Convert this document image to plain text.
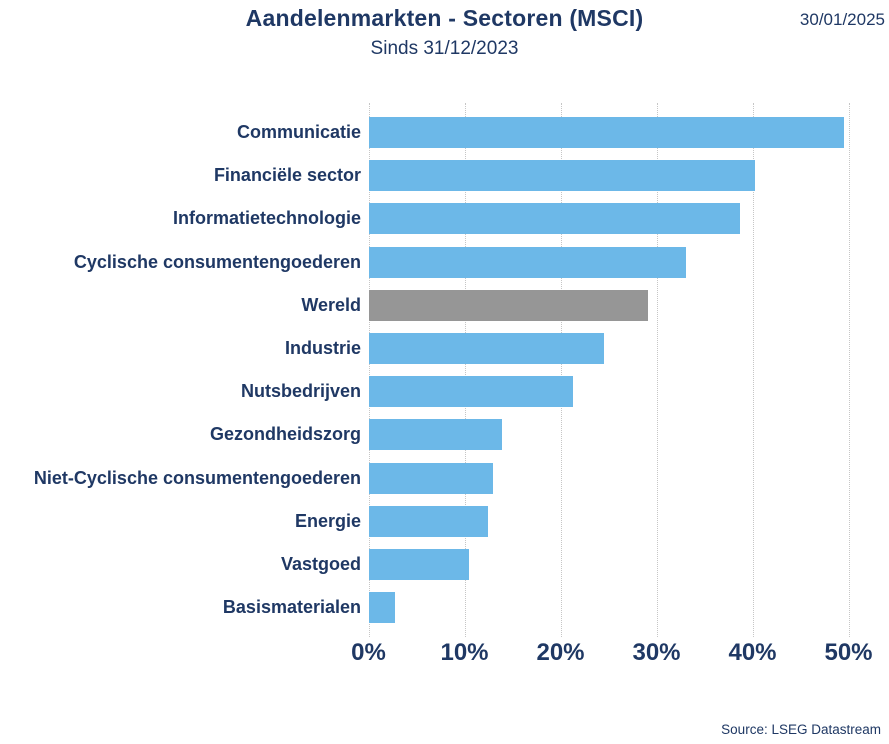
Aandelenmarkten - Sectoren (MSCI)
Sinds 31/12/2023
30/01/2025
Communicatie
Financiële sector
Informatietechnologie
Cyclische consumentengoederen
Wereld
Industrie
Nutsbedrijven
Gezondheidszorg
Niet-Cyclische consumentengoederen
Energie
Vastgoed
Basismaterialen
0% 10% 20% 30% 40% 50%
Source: LSEG Datastream
